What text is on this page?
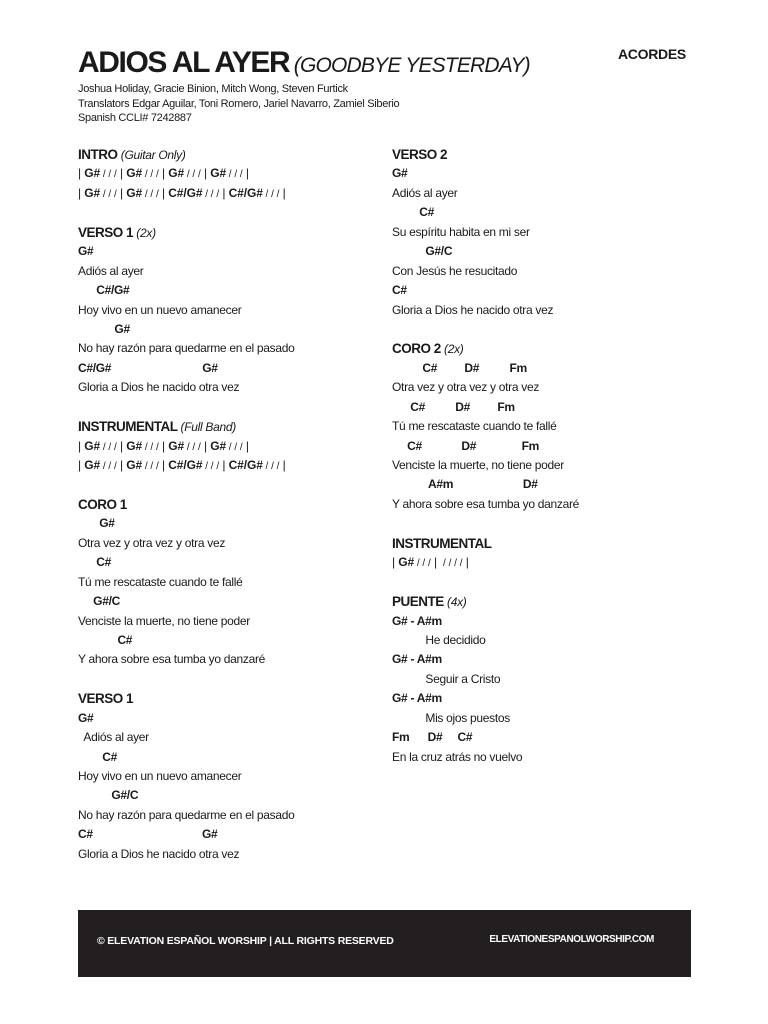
ADIOS AL AYER (GOODBYE YESTERDAY)	ACORDES
Joshua Holiday, Gracie Binion, Mitch Wong, Steven Furtick
Translators Edgar Aguilar, Toni Romero, Jariel Navarro, Zamiel Siberio
Spanish CCLI# 7242887
INTRO (Guitar Only)
| G# / / / | G# / / / | G# / / / | G# / / / |
| G# / / / | G# / / / | C#/G# / / / | C#/G# / / / |
VERSO 1 (2x)
G#
Adiós al ayer
C#/G#
Hoy vivo en un nuevo amanecer
G#
No hay razón para quedarme en el pasado
C#/G#                              G#
Gloria a Dios he nacido otra vez
INSTRUMENTAL (Full Band)
| G# / / / | G# / / / | G# / / / | G# / / / |
| G# / / / | G# / / / | C#/G# / / / | C#/G# / / / |
CORO 1
G#
Otra vez y otra vez y otra vez
C#
Tú me rescataste cuando te fallé
G#/C
Venciste la muerte, no tiene poder
C#
Y ahora sobre esa tumba yo danzaré
VERSO 1
G#
Adiós al ayer
C#
Hoy vivo en un nuevo amanecer
G#/C
No hay razón para quedarme en el pasado
C#                                    G#
Gloria a Dios he nacido otra vez
VERSO 2
G#
Adiós al ayer
C#
Su espíritu habita en mi ser
G#/C
Con Jesús he resucitado
C#
Gloria a Dios he nacido otra vez
CORO 2 (2x)
C#         D#          Fm
Otra vez y otra vez y otra vez
C#          D#         Fm
Tú me rescataste cuando te fallé
C#             D#               Fm
Venciste la muerte, no tiene poder
A#m                       D#
Y ahora sobre esa tumba yo danzaré
INSTRUMENTAL
| G# / / / |  / / / / |
PUENTE (4x)
G# - A#m
He decidido
G# - A#m
Seguir a Cristo
G# - A#m
Mis ojos puestos
Fm      D#     C#
En la cruz atrás no vuelvo
© ELEVATION ESPAÑOL WORSHIP | ALL RIGHTS RESERVED	ELEVATIONESPANOLWORSHIP.COM
